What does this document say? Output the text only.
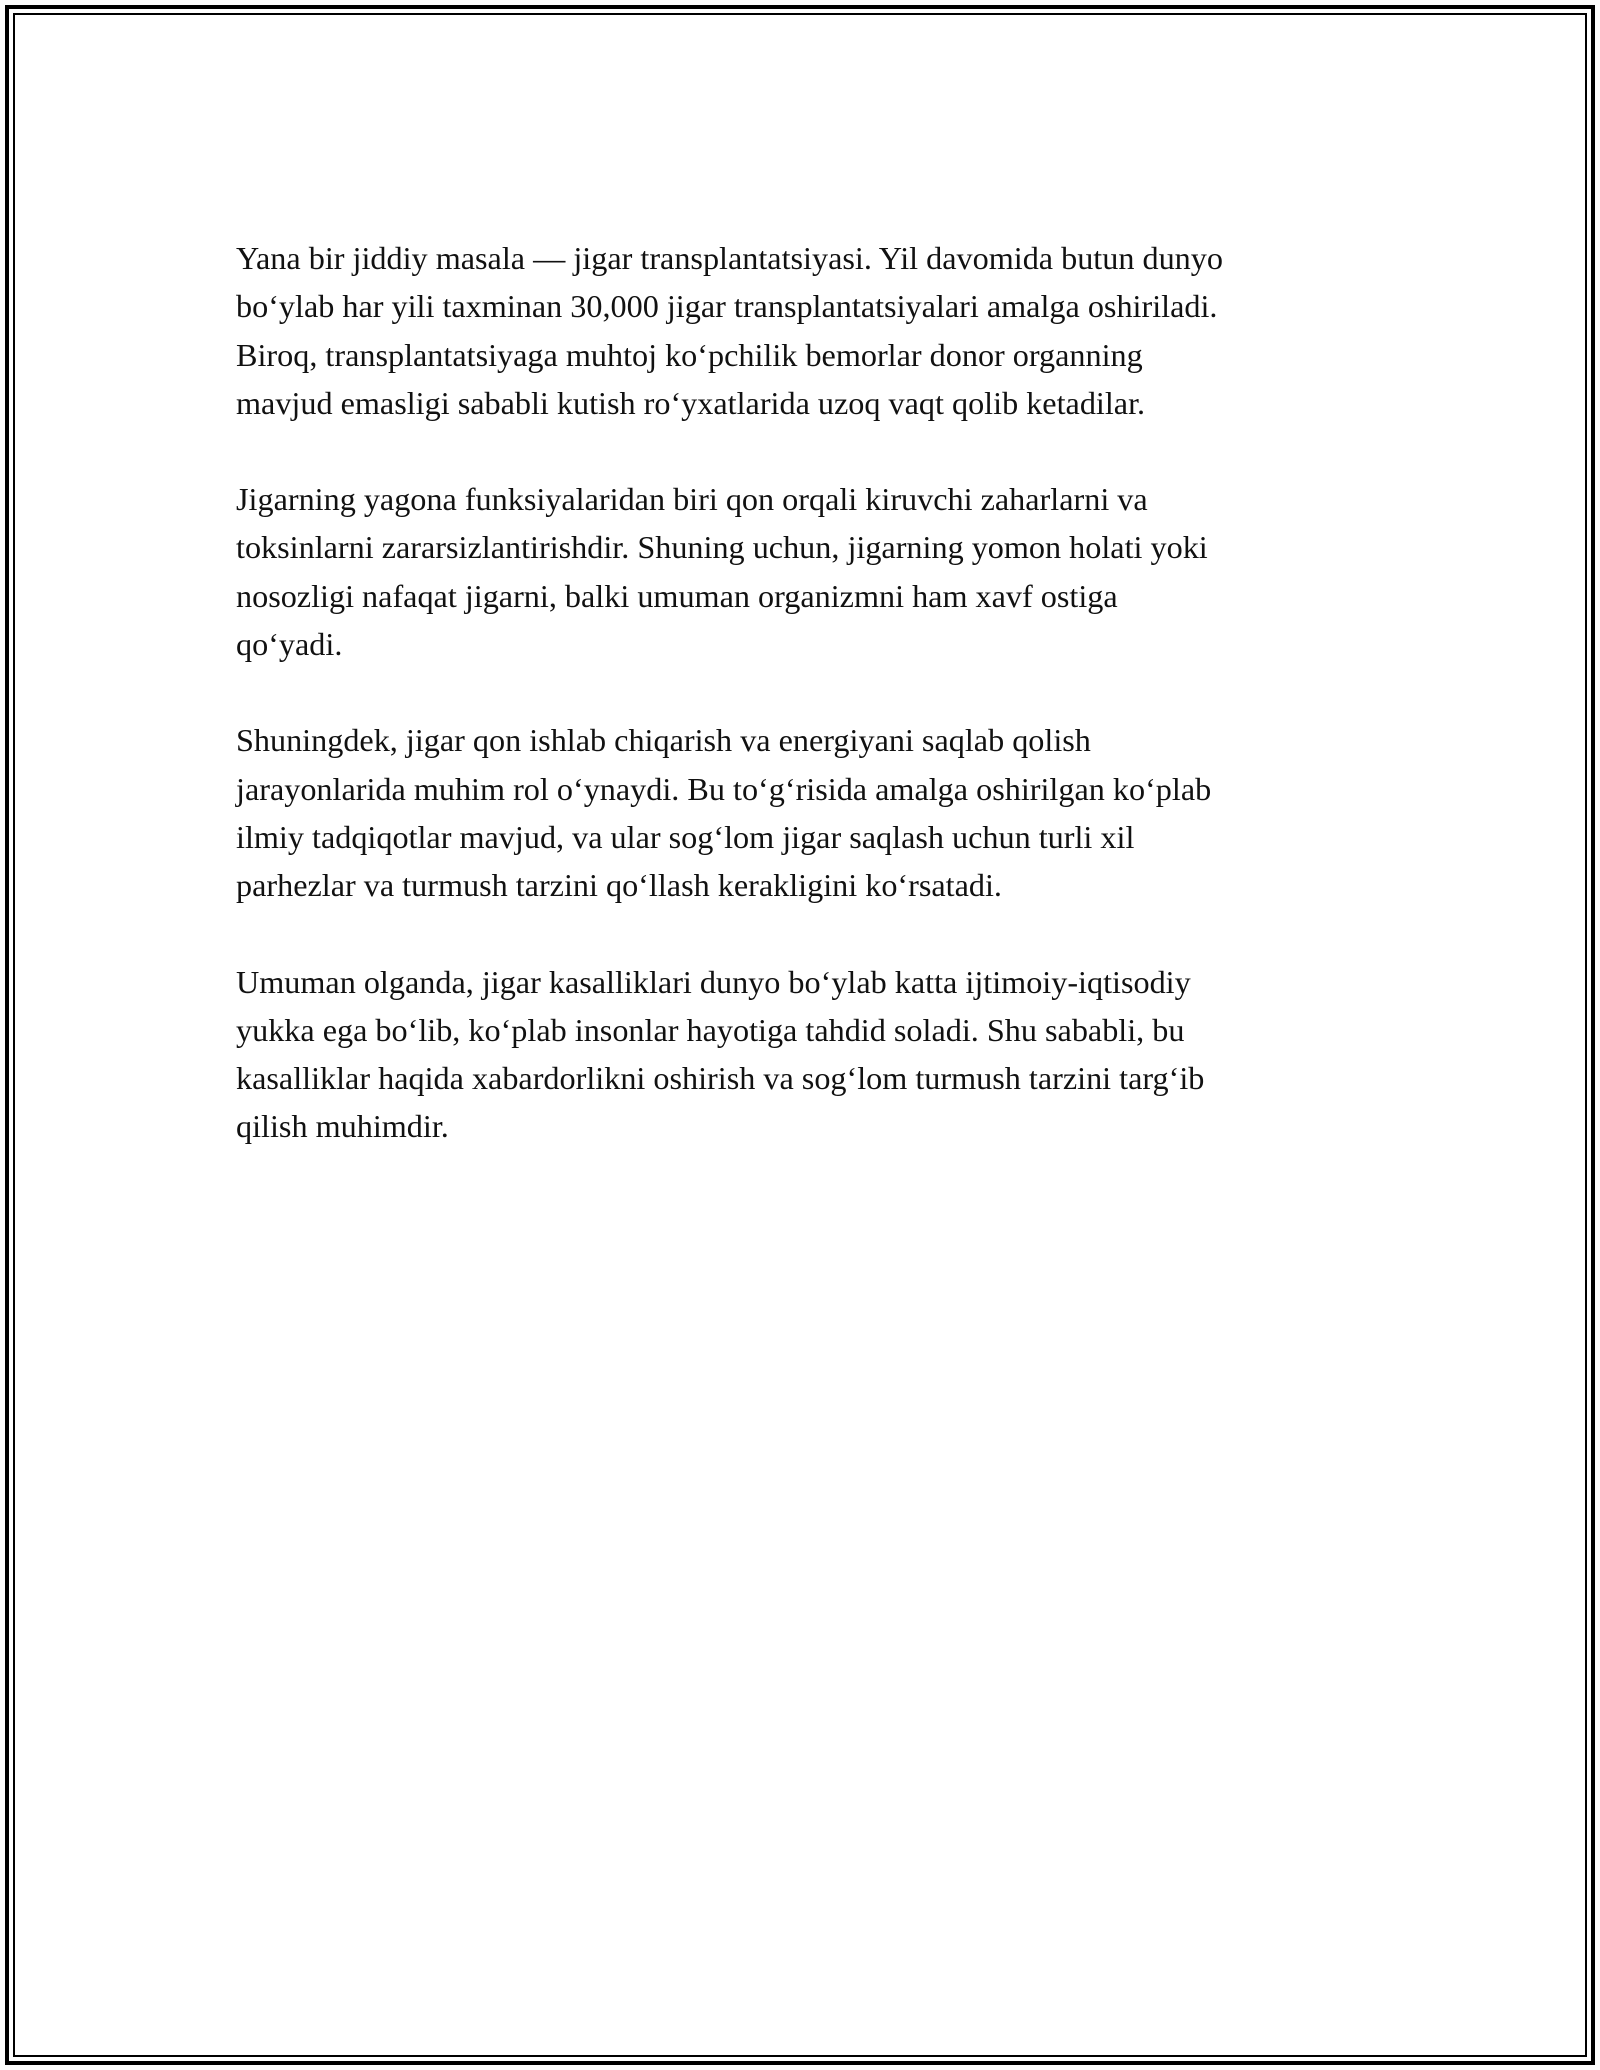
Yana bir jiddiy masala — jigar transplantatsiyasi. Yil davomida butun dunyo
bo‘ylab har yili taxminan 30,000 jigar transplantatsiyalari amalga oshiriladi.
Biroq, transplantatsiyaga muhtoj ko‘pchilik bemorlar donor organning
mavjud emasligi sababli kutish ro‘yxatlarida uzoq vaqt qolib ketadilar.

Jigarning yagona funksiyalaridan biri qon orqali kiruvchi zaharlarni va
toksinlarni zararsizlantirishdir. Shuning uchun, jigarning yomon holati yoki
nosozligi nafaqat jigarni, balki umuman organizmni ham xavf ostiga
qo‘yadi.

Shuningdek, jigar qon ishlab chiqarish va energiyani saqlab qolish
jarayonlarida muhim rol o‘ynaydi. Bu to‘g‘risida amalga oshirilgan ko‘plab
ilmiy tadqiqotlar mavjud, va ular sog‘lom jigar saqlash uchun turli xil
parhezlar va turmush tarzini qo‘llash kerakligini ko‘rsatadi.

Umuman olganda, jigar kasalliklari dunyo bo‘ylab katta ijtimoiy-iqtisodiy
yukka ega bo‘lib, ko‘plab insonlar hayotiga tahdid soladi. Shu sababli, bu
kasalliklar haqida xabardorlikni oshirish va sog‘lom turmush tarzini targ‘ib
qilish muhimdir.
